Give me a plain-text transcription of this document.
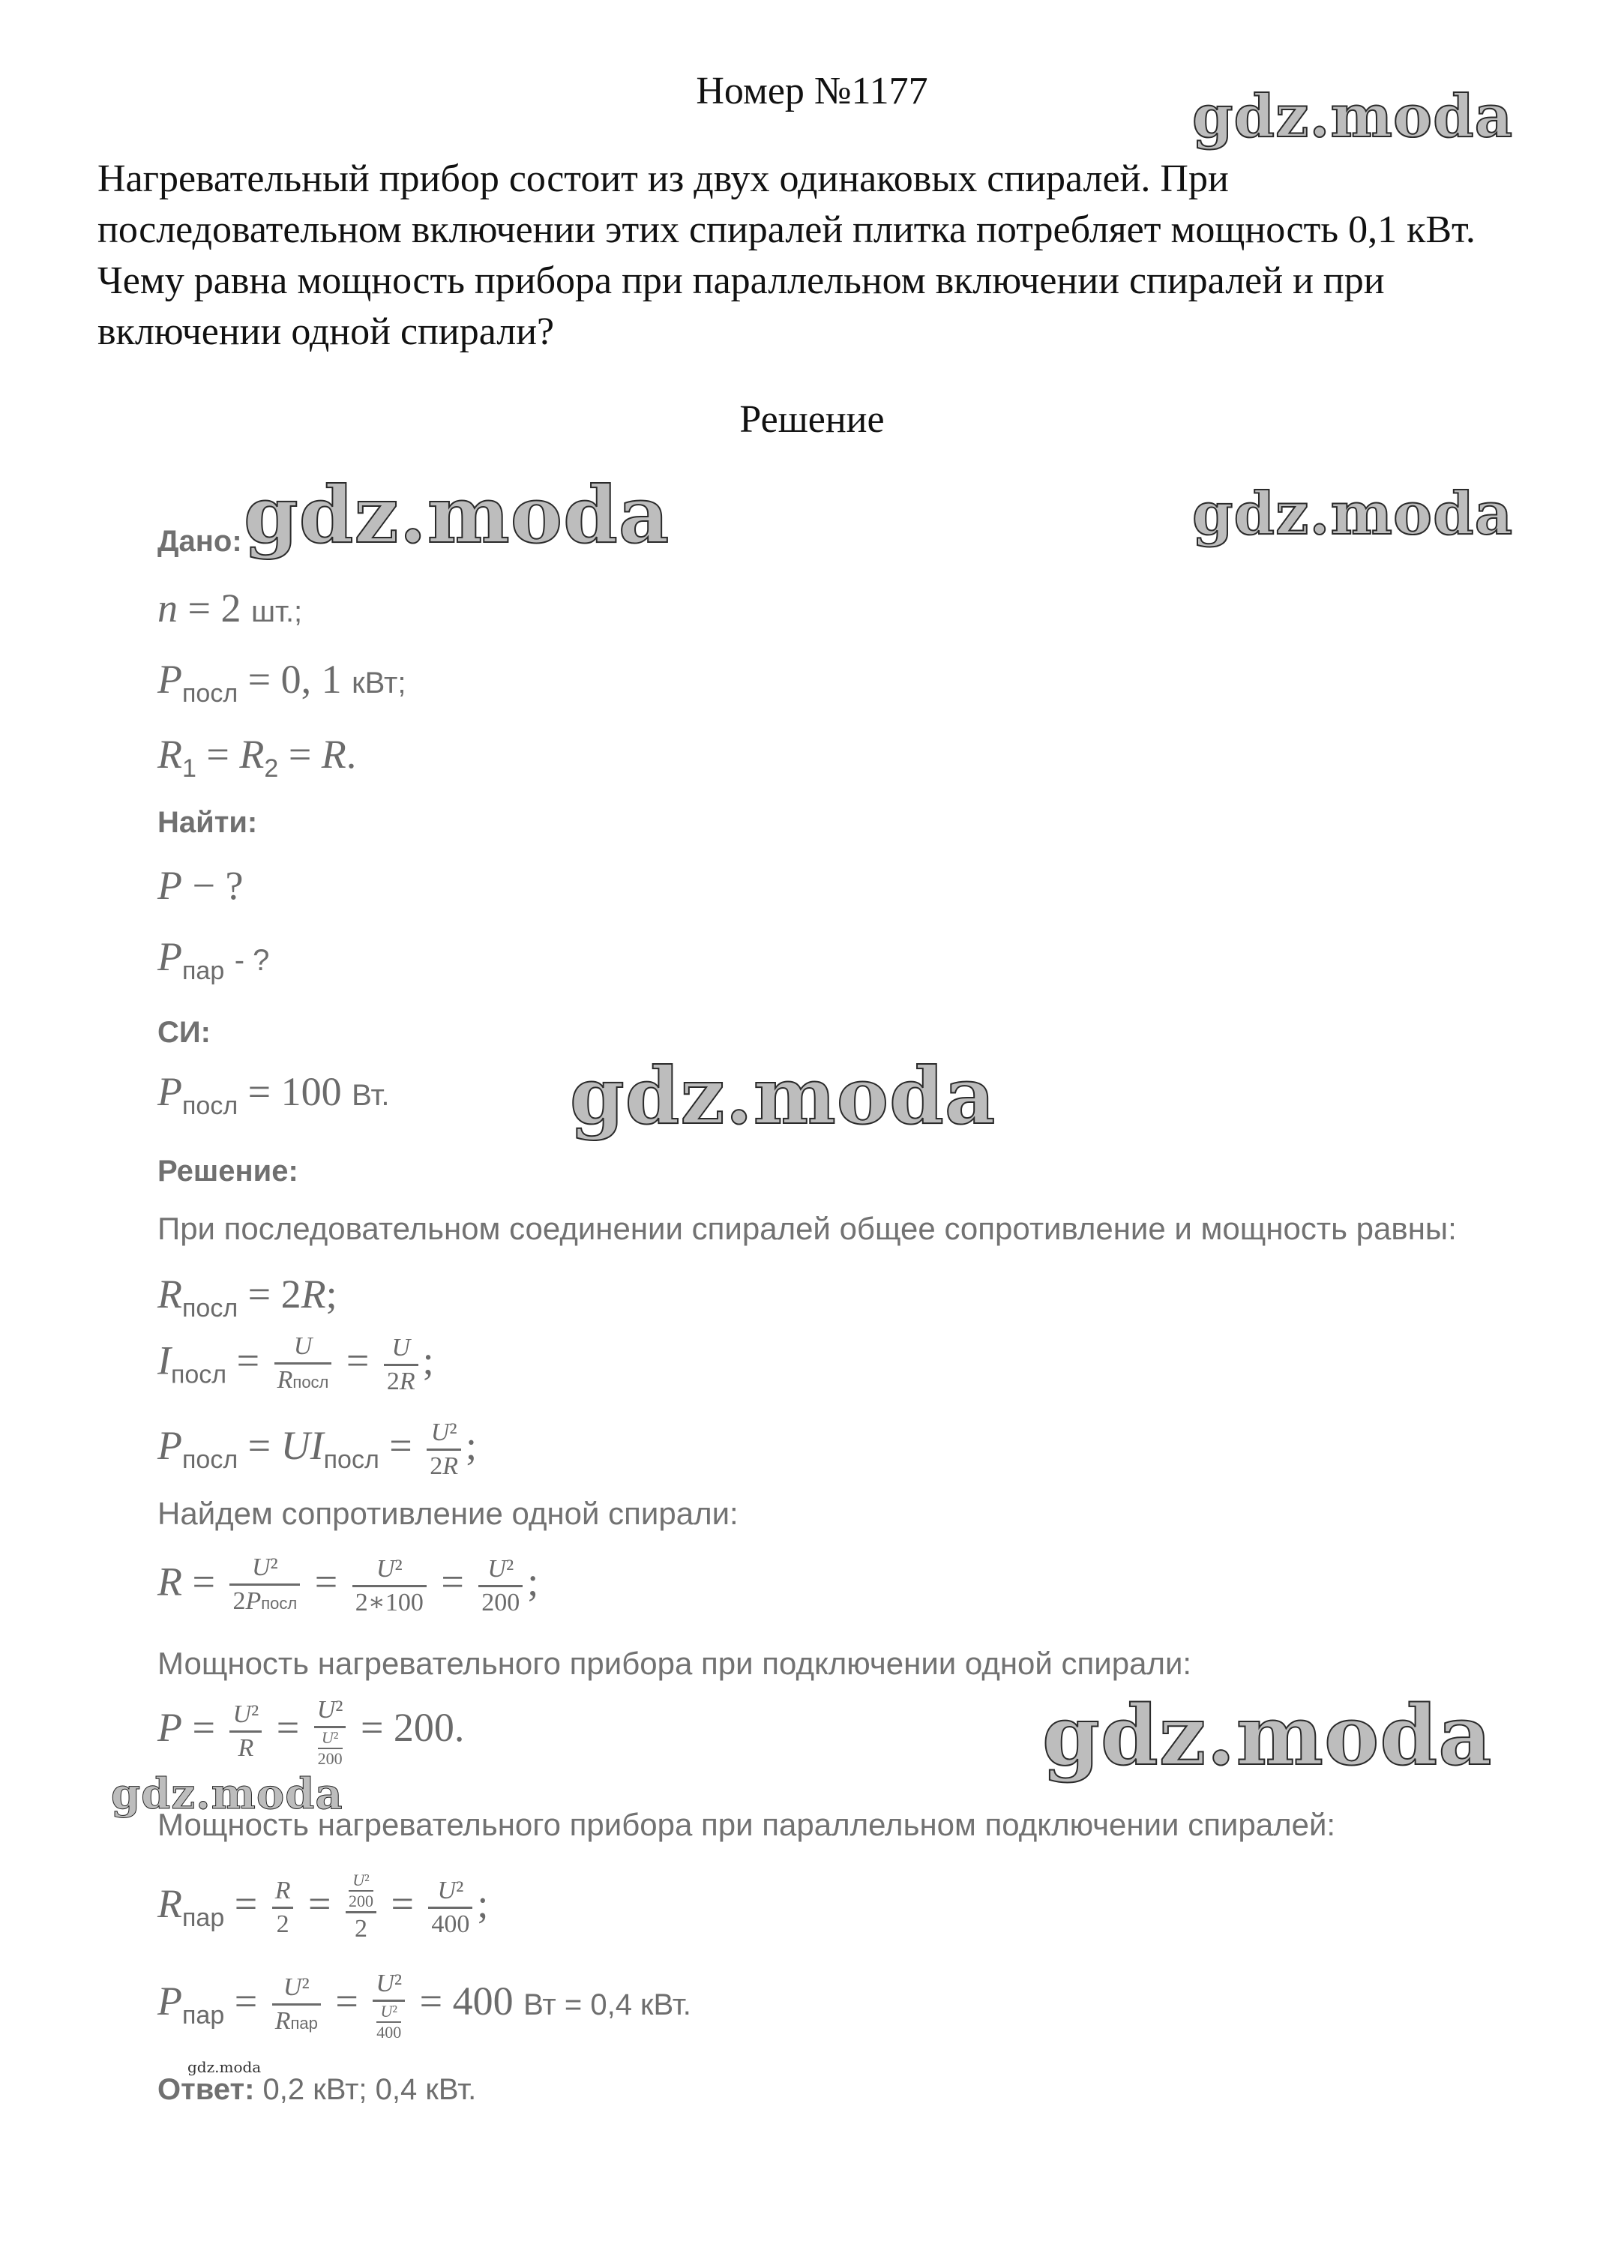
Номер №1177
Нагревательный прибор состоит из двух одинаковых спиралей. При последовательном включении этих спиралей плитка потребляет мощность 0,1 кВт. Чему равна мощность прибора при параллельном включении спиралей и при включении одной спирали?
Решение
gdz.moda
gdz.moda	gdz.moda
gdz.moda
gdz.moda
gdz.moda
gdz.moda
Дано:
n = 2 шт.;
$P_{посл} = 0$, 1 кВт;
$R_1 = R_2 = R$.
Найти:
P − ?
$P_{пар}$ - ?
СИ:
$P_{посл} = 100$ Вт.
Решение:
При последовательном соединении спиралей общее сопротивление и мощность равны:
$R_{посл} = 2R$;
$I_{посл} = \frac{U}{\text{Rпосл}} = \frac{U}{2R}$ ;
$P_{посл} = UI_{посл} = \frac{\text{U²}}{2R}$ ;
Найдем сопротивление одной спирали:
$R = \frac{\text{U²}}{\text{2Pпосл}} = \frac{\text{U²}}{2∗100} = \frac{\text{U²}}{200}$ ;
Мощность нагревательного прибора при подключении одной спирали:
$P = \frac{\text{U²}}{R} = \frac{\text{U²}}{\frac{\text{U²}}{200}} = 200$.
Мощность нагревательного прибора при параллельном подключении спиралей:
$R_{пар} = \frac{R}{2} = \frac{\frac{\text{U²}}{200}}{2} = \frac{\text{U²}}{400}$ ;
$P_{пар} = \frac{\text{U²}}{\text{Rпар}} = \frac{\text{U²}}{\frac{\text{U²}}{400}} = 400$ Вт = 0,4 кВт.
Ответ: 0,2 кВт; 0,4 кВт.
